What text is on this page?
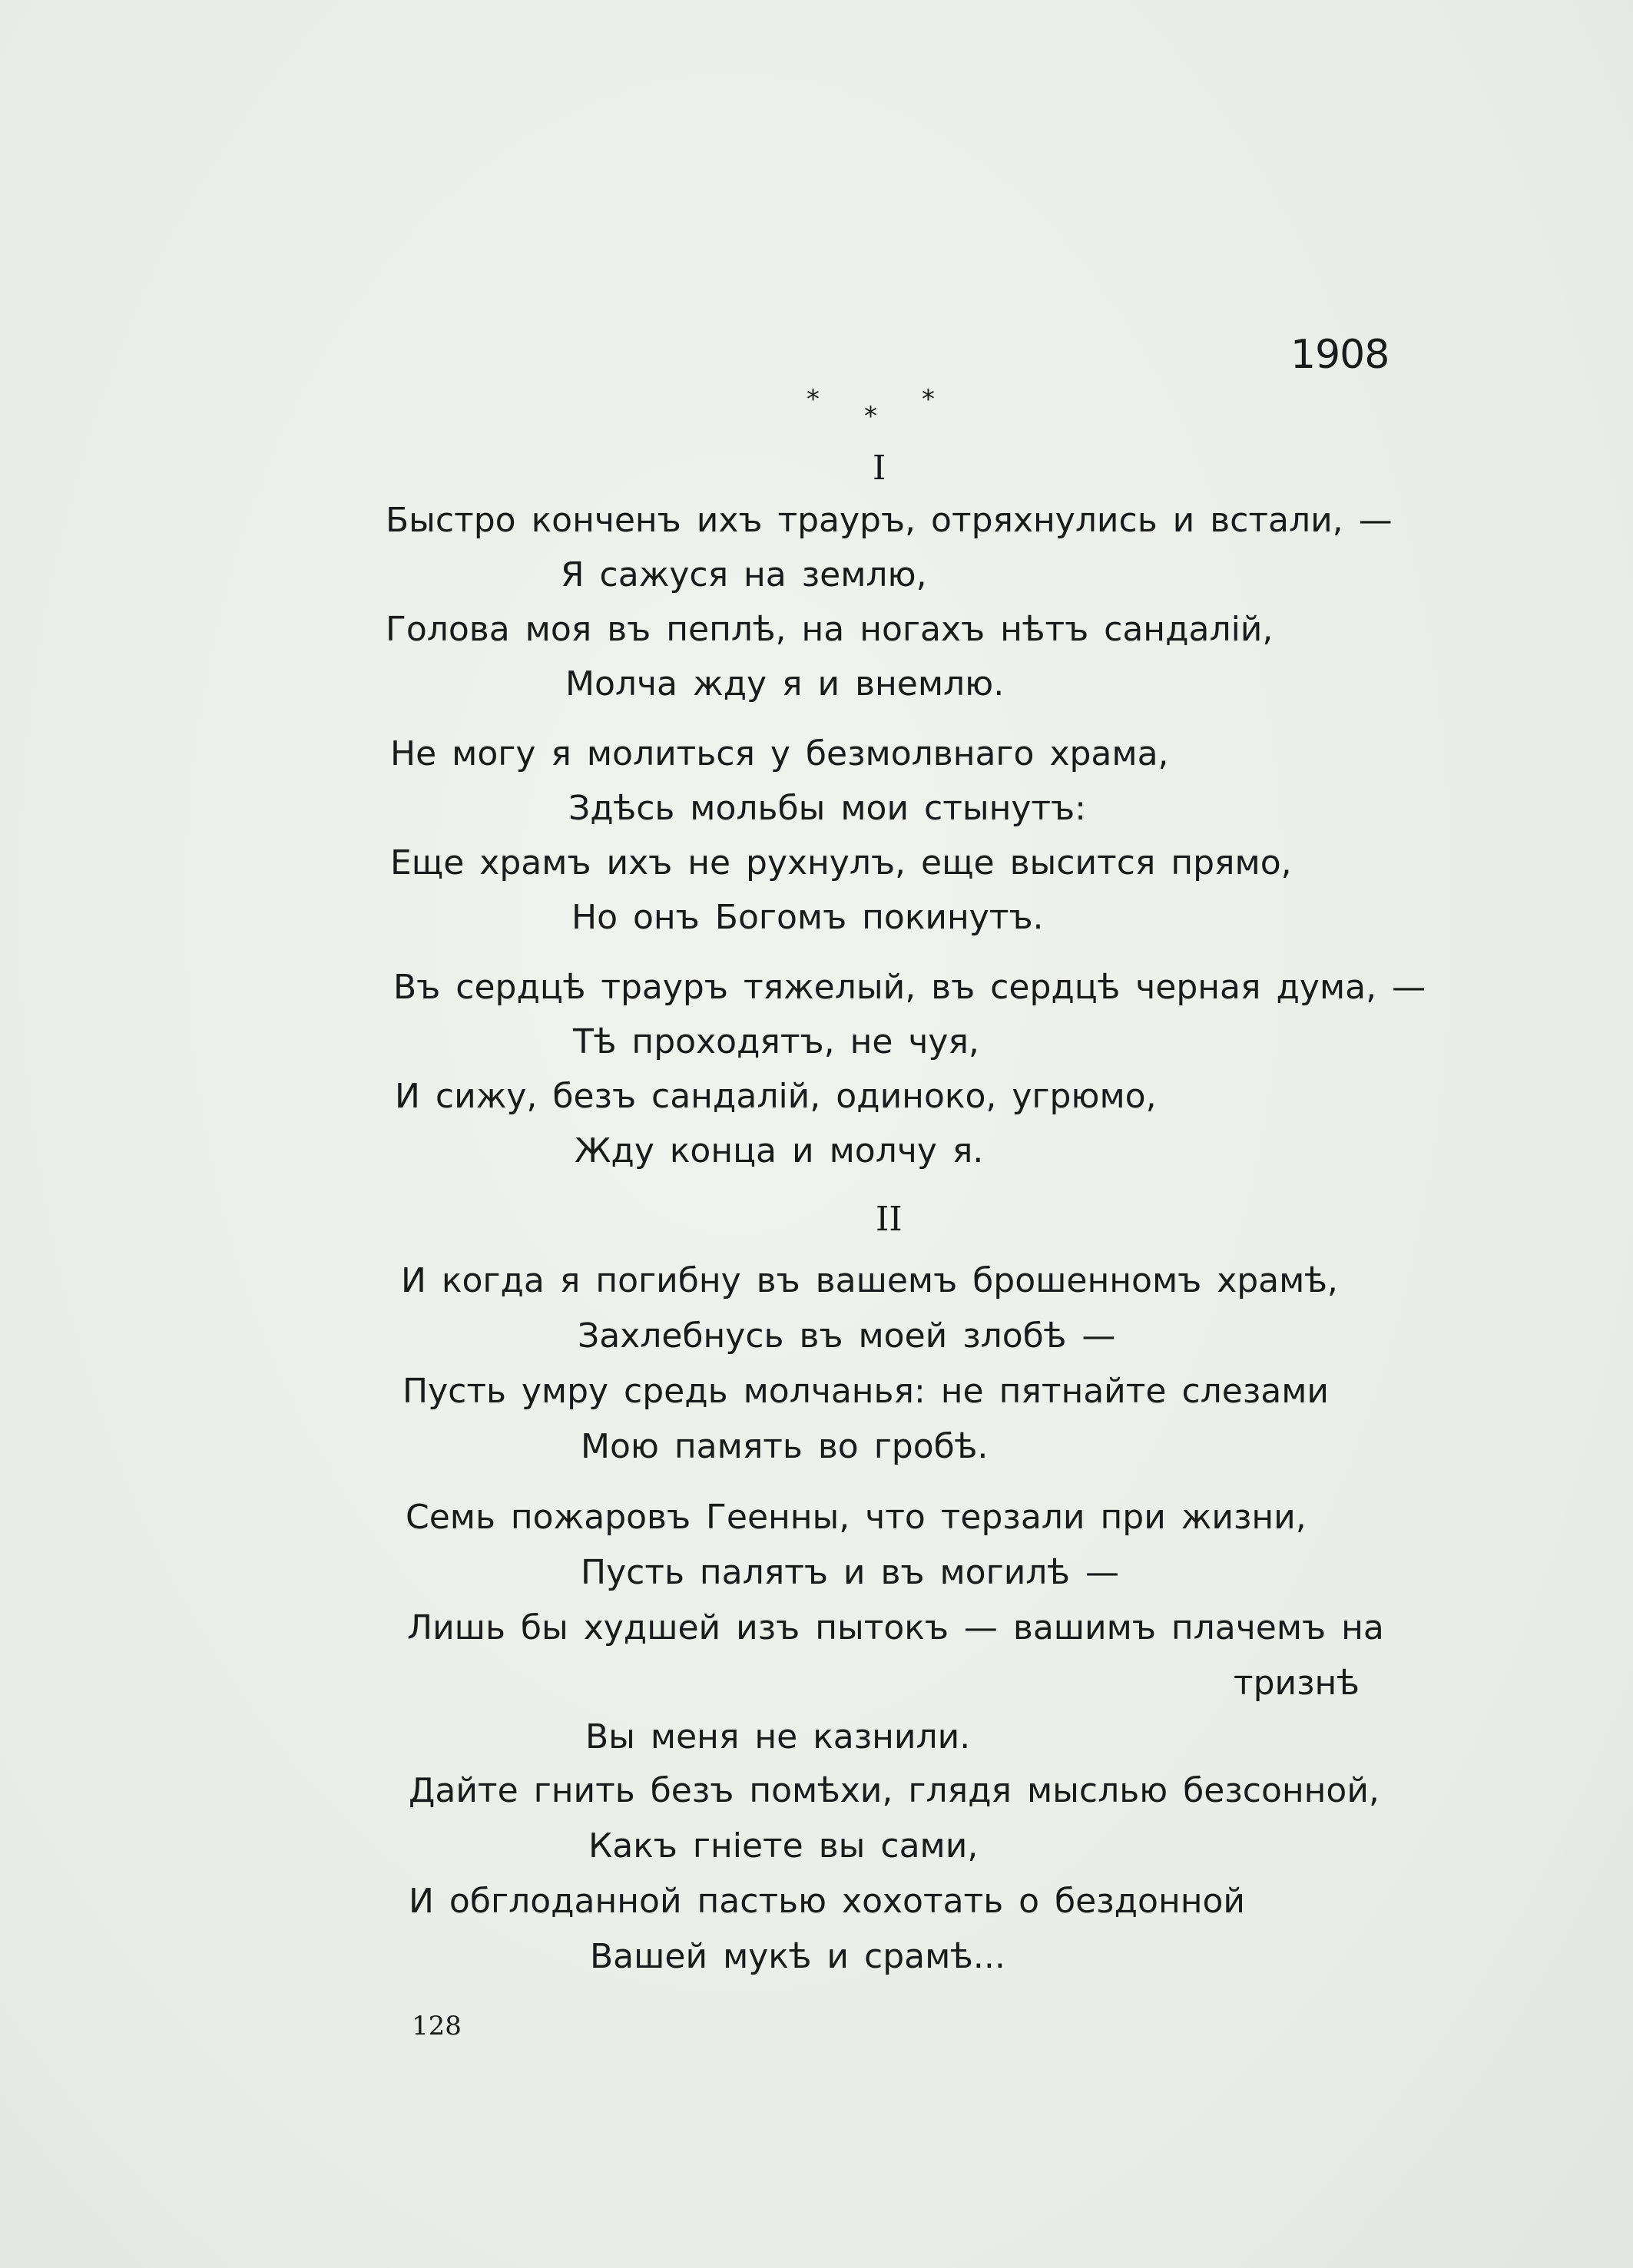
1908
*
*
*
I
Быстро конченъ ихъ трауръ, отряхнулись и встали, —
Я сажуся на землю,
Голова моя въ пеплѣ, на ногахъ нѣтъ сандалій,
Молча жду я и внемлю.
Не могу я молиться у безмолвнаго храма,
Здѣсь мольбы мои стынутъ:
Еще храмъ ихъ не рухнулъ, еще высится прямо,
Но онъ Богомъ покинутъ.
Въ сердцѣ трауръ тяжелый, въ сердцѣ черная дума, —
Тѣ проходятъ, не чуя,
И сижу, безъ сандалій, одиноко, угрюмо,
Жду конца и молчу я.
II
И когда я погибну въ вашемъ брошенномъ храмѣ,
Захлебнусь въ моей злобѣ —
Пусть умру средь молчанья: не пятнайте слезами
Мою память во гробѣ.
Семь пожаровъ Геенны, что терзали при жизни,
Пусть палятъ и въ могилѣ —
Лишь бы худшей изъ пытокъ — вашимъ плачемъ на
тризнѣ
Вы меня не казнили.
Дайте гнить безъ помѣхи, глядя мыслью безсонной,
Какъ гніете вы сами,
И обглоданной пастью хохотать о бездонной
Вашей мукѣ и срамѣ...
128
